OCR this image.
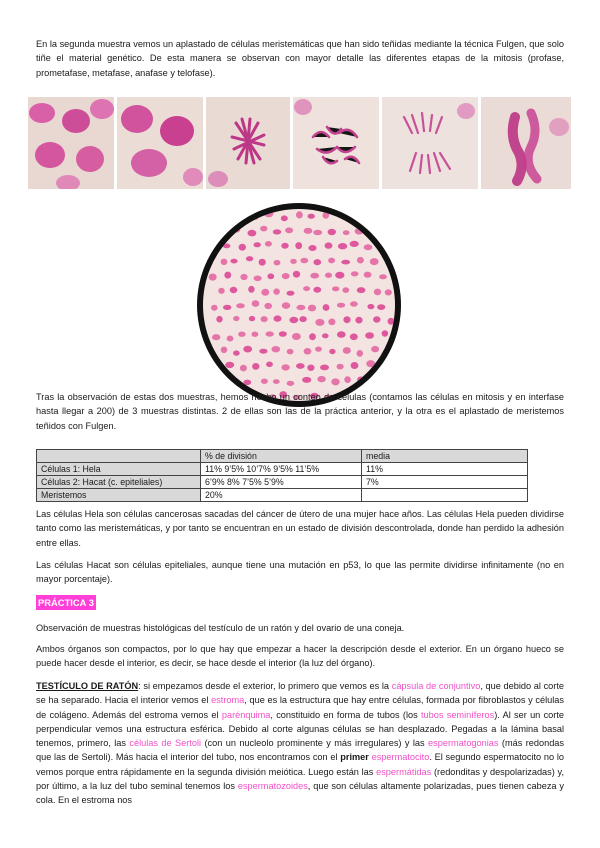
En la segunda muestra vemos un aplastado de células meristemáticas que han sido teñidas mediante la técnica Fulgen, que solo tiñe el material genético. De esta manera se observan con mayor detalle las diferentes etapas de la mitosis (profase, prometafase, metafase, anafase y telofase).

Tras la observación de estas dos muestras, hemos hecho un conteo de células (contamos las células en mitosis y en interfase hasta llegar a 200) de 3 muestras distintas. 2 de ellas son las de la práctica anterior, y la otra es el aplastado de meristemos teñidos con Fulgen.

	% de división	media
Células 1: Hela	11% 9’5% 10’7% 9’5% 11’5%	11%
Células 2: Hacat (c. epiteliales)	6’9% 8% 7’5% 5’9%	7%
Meristemos	20%	

Las células Hela son células cancerosas sacadas del cáncer de útero de una mujer hace años. Las células Hela pueden dividirse tanto como las meristemáticas, y por tanto se encuentran en un estado de división descontrolada, donde han perdido la adhesión entre ellas.

Las células Hacat son células epiteliales, aunque tiene una mutación en p53, lo que las permite dividirse infinitamente (no en mayor porcentaje).

PRÁCTICA 3

Observación de muestras histológicas del testículo de un ratón y del ovario de una coneja.

Ambos órganos son compactos, por lo que hay que empezar a hacer la descripción desde el exterior. En un órgano hueco se puede hacer desde el interior, es decir, se hace desde el interior (la luz del órgano).

TESTÍCULO DE RATÓN: si empezamos desde el exterior, lo primero que vemos es la cápsula de conjuntivo, que debido al corte se ha separado. Hacia el interior vemos el estroma, que es la estructura que hay entre células, formada por fibroblastos y células de colágeno. Además del estroma vemos el parénquima, constituido en forma de tubos (los tubos seminíferos). Al ser un corte perpendicular vemos una estructura esférica. Debido al corte algunas células se han desplazado. Pegadas a la lámina basal tenemos, primero, las células de Sertoli (con un nucleolo prominente y más irregulares) y las espermatogonias (más redondas que las de Sertoli). Más hacia el interior del tubo, nos encontramos con el primer espermatocito. El segundo espermatocito no lo vemos porque entra rápidamente en la segunda división meiótica. Luego están las espermátidas (redonditas y despolarizadas) y, por último, a la luz del tubo seminal tenemos los espermatozoides, que son células altamente polarizadas, pues tienen cabeza y cola. En el estroma nos
